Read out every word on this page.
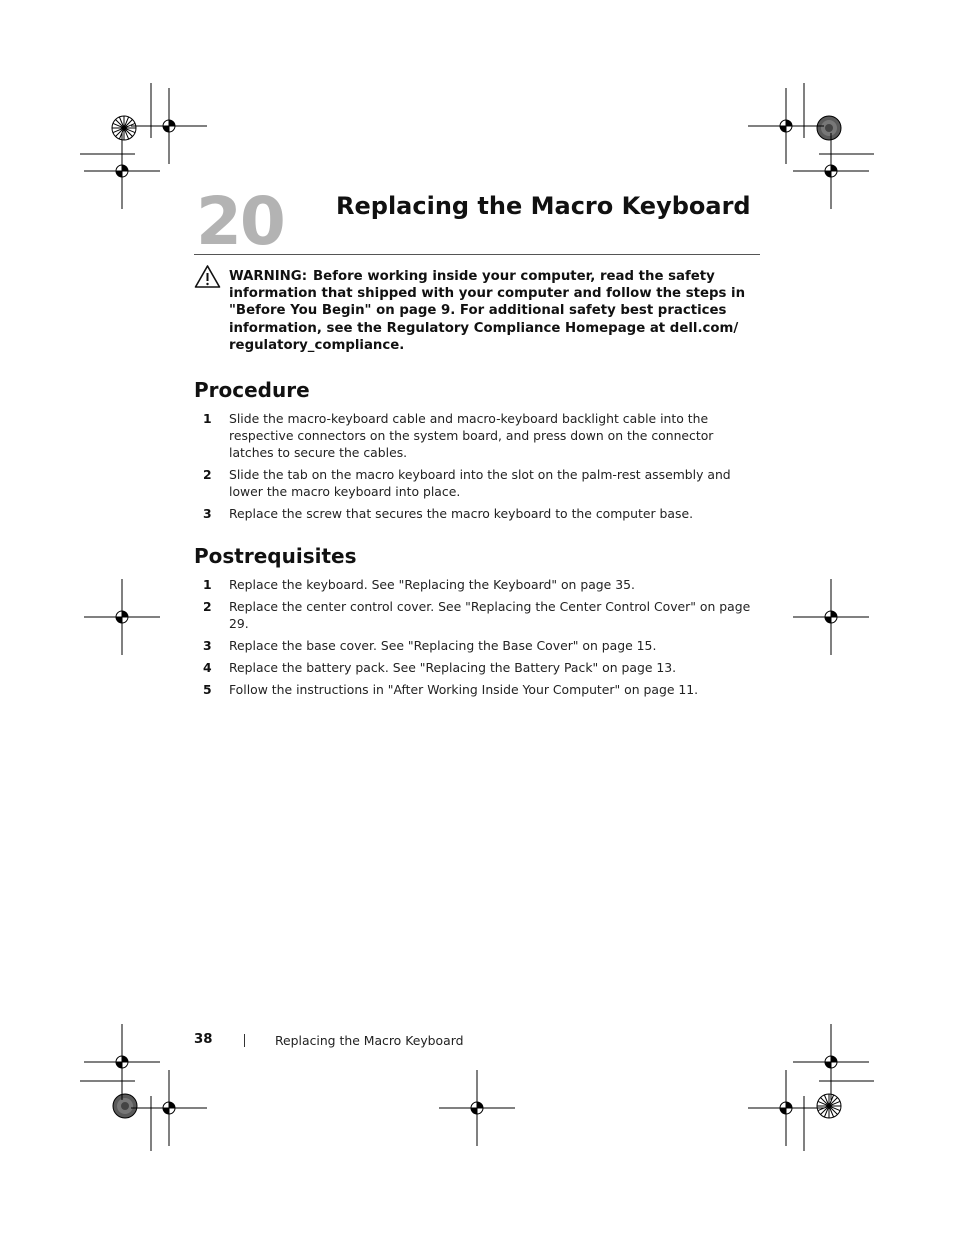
20 Replacing the Macro Keyboard
WARNING: Before working inside your computer, read the safety information that shipped with your computer and follow the steps in "Before You Begin" on page 9. For additional safety best practices information, see the Regulatory Compliance Homepage at dell.com/ regulatory_compliance.
Procedure
1 Slide the macro-keyboard cable and macro-keyboard backlight cable into the respective connectors on the system board, and press down on the connector latches to secure the cables.
2 Slide the tab on the macro keyboard into the slot on the palm-rest assembly and lower the macro keyboard into place.
3 Replace the screw that secures the macro keyboard to the computer base.
Postrequisites
1 Replace the keyboard. See "Replacing the Keyboard" on page 35.
2 Replace the center control cover. See "Replacing the Center Control Cover" on page 29.
3 Replace the base cover. See "Replacing the Base Cover" on page 15.
4 Replace the battery pack. See "Replacing the Battery Pack" on page 13.
5 Follow the instructions in "After Working Inside Your Computer" on page 11.
38	Replacing the Macro Keyboard
